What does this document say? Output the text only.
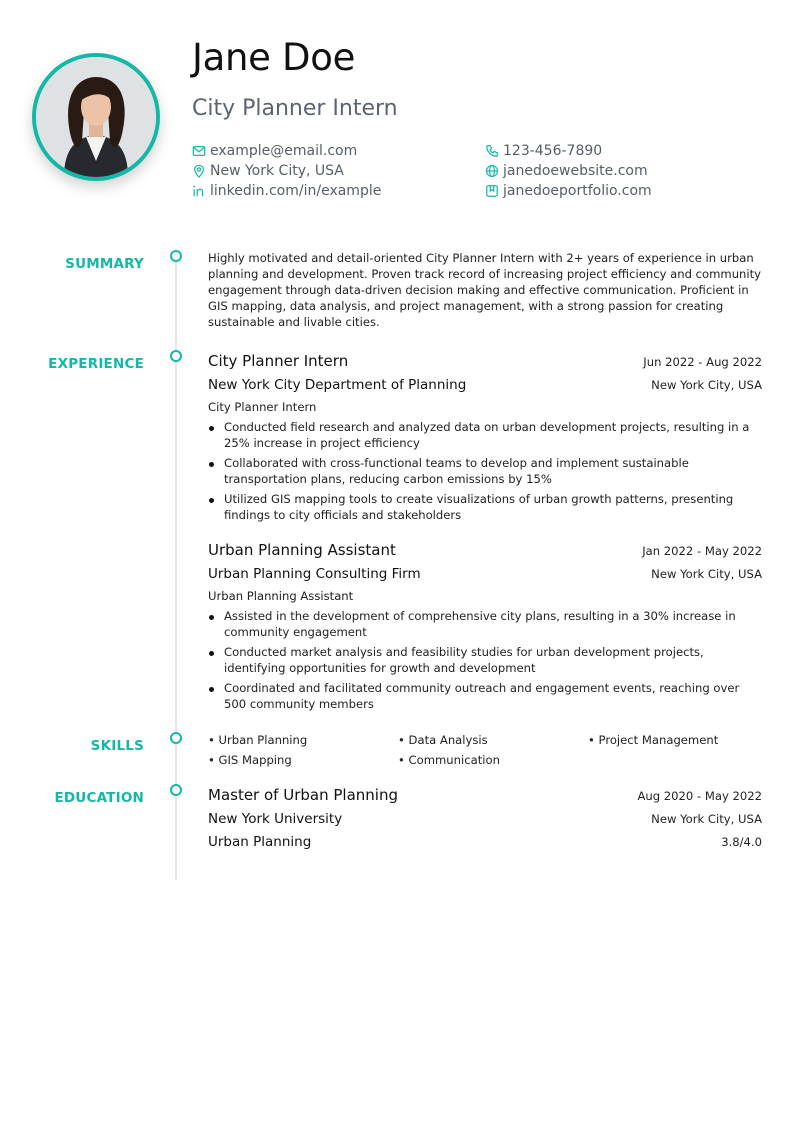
Jane Doe
City Planner Intern
example@email.com	123-456-7890
New York City, USA	janedoewebsite.com
linkedin.com/in/example	janedoeportfolio.com
SUMMARY	Highly motivated and detail-oriented City Planner Intern with 2+ years of experience in urban planning and development. Proven track record of increasing project efficiency and community engagement through data-driven decision making and effective communication. Proficient in GIS mapping, data analysis, and project management, with a strong passion for creating sustainable and livable cities.
EXPERIENCE	City Planner Intern	Jun 2022 - Aug 2022
New York City Department of Planning	New York City, USA
City Planner Intern
Conducted field research and analyzed data on urban development projects, resulting in a 25% increase in project efficiency
Collaborated with cross-functional teams to develop and implement sustainable transportation plans, reducing carbon emissions by 15%
Utilized GIS mapping tools to create visualizations of urban growth patterns, presenting findings to city officials and stakeholders
Urban Planning Assistant	Jan 2022 - May 2022
Urban Planning Consulting Firm	New York City, USA
Urban Planning Assistant
Assisted in the development of comprehensive city plans, resulting in a 30% increase in community engagement
Conducted market analysis and feasibility studies for urban development projects, identifying opportunities for growth and development
Coordinated and facilitated community outreach and engagement events, reaching over 500 community members
SKILLS	• Urban Planning	• Data Analysis	• Project Management
• GIS Mapping	• Communication
EDUCATION	Master of Urban Planning	Aug 2020 - May 2022
New York University	New York City, USA
Urban Planning	3.8/4.0
